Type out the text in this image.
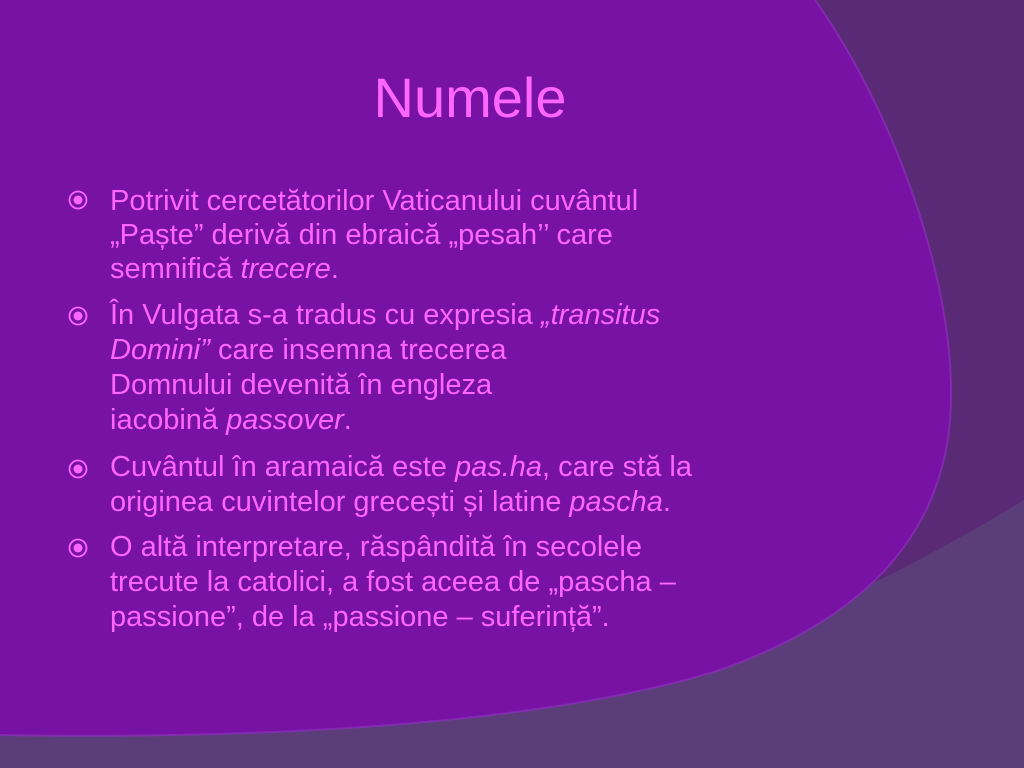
Numele

Potrivit cercetătorilor Vaticanului cuvântul

„Paște” derivă din ebraică „pesah’’ care

semnifică trecere.

În Vulgata s-a tradus cu expresia „transitus

Domini” care insemna trecerea

Domnului devenită în engleza

iacobină passover.

Cuvântul în aramaică este pas.ha, care stă la

originea cuvintelor grecești și latine pascha.

O altă interpretare, răspândită în secolele

trecute la catolici, a fost aceea de „pascha –

passione”, de la „passione – suferință”.
